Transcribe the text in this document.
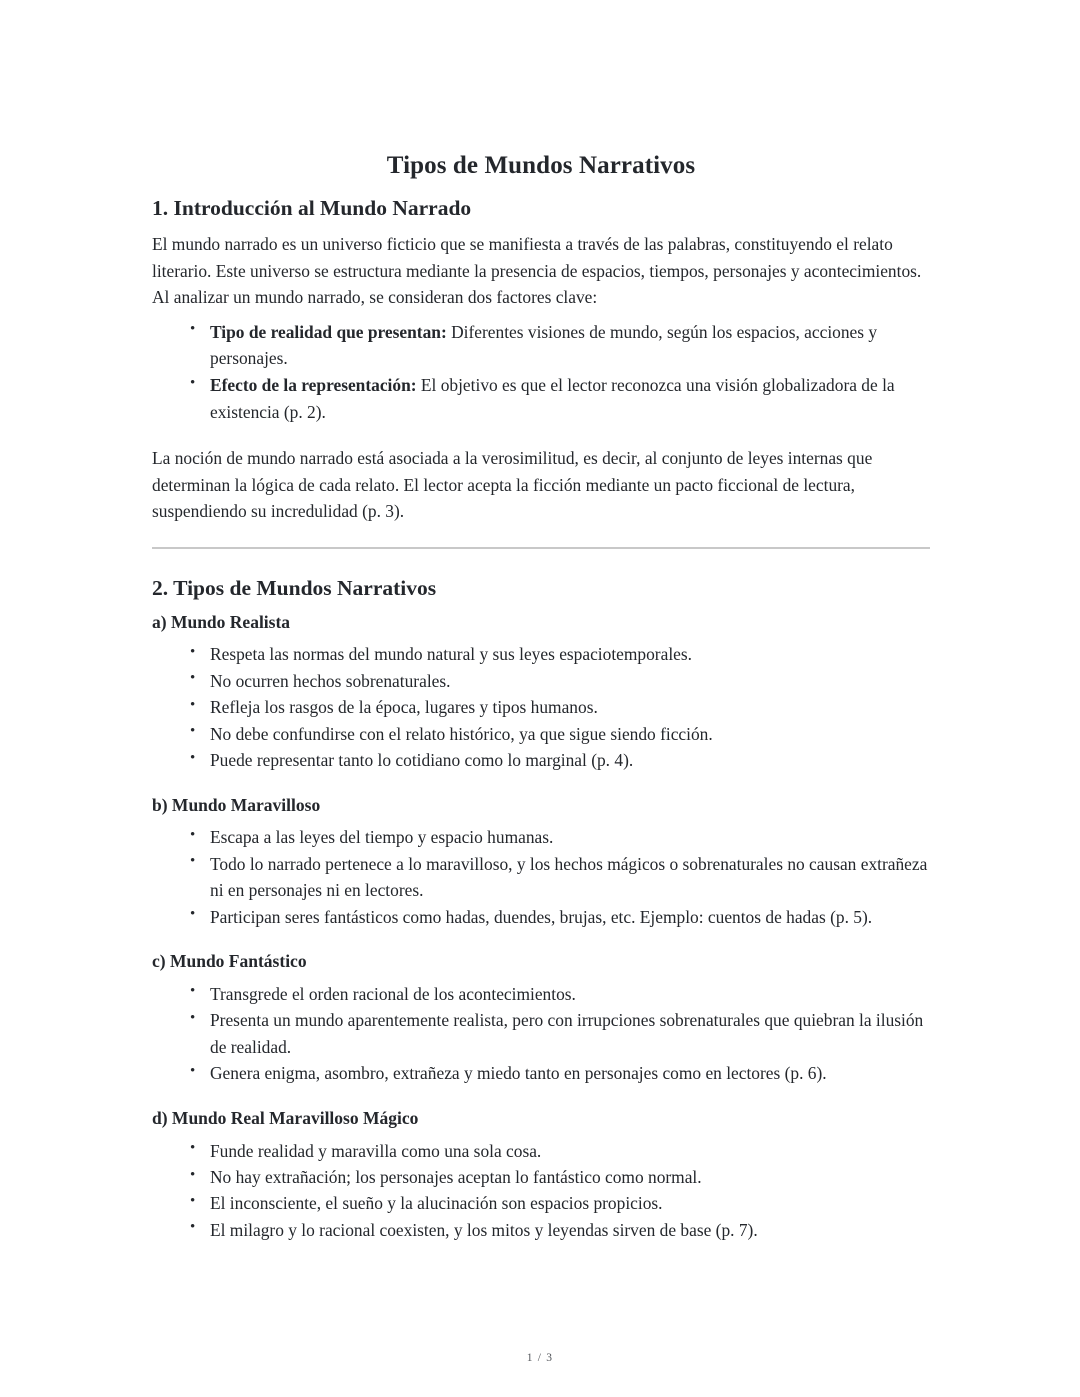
Tipos de Mundos Narrativos
1. Introducción al Mundo Narrado

El mundo narrado es un universo ficticio que se manifiesta a través de las palabras, constituyendo el relato literario. Este universo se estructura mediante la presencia de espacios, tiempos, personajes y acontecimientos. Al analizar un mundo narrado, se consideran dos factores clave:

• Tipo de realidad que presentan: Diferentes visiones de mundo, según los espacios, acciones y personajes.
• Efecto de la representación: El objetivo es que el lector reconozca una visión globalizadora de la existencia (p. 2).

La noción de mundo narrado está asociada a la verosimilitud, es decir, al conjunto de leyes internas que determinan la lógica de cada relato. El lector acepta la ficción mediante un pacto ficcional de lectura, suspendiendo su incredulidad (p. 3).

2. Tipos de Mundos Narrativos
a) Mundo Realista
• Respeta las normas del mundo natural y sus leyes espaciotemporales.
• No ocurren hechos sobrenaturales.
• Refleja los rasgos de la época, lugares y tipos humanos.
• No debe confundirse con el relato histórico, ya que sigue siendo ficción.
• Puede representar tanto lo cotidiano como lo marginal (p. 4).
b) Mundo Maravilloso
• Escapa a las leyes del tiempo y espacio humanas.
• Todo lo narrado pertenece a lo maravilloso, y los hechos mágicos o sobrenaturales no causan extrañeza ni en personajes ni en lectores.
• Participan seres fantásticos como hadas, duendes, brujas, etc. Ejemplo: cuentos de hadas (p. 5).
c) Mundo Fantástico
• Transgrede el orden racional de los acontecimientos.
• Presenta un mundo aparentemente realista, pero con irrupciones sobrenaturales que quiebran la ilusión de realidad.
• Genera enigma, asombro, extrañeza y miedo tanto en personajes como en lectores (p. 6).
d) Mundo Real Maravilloso Mágico
• Funde realidad y maravilla como una sola cosa.
• No hay extrañación; los personajes aceptan lo fantástico como normal.
• El inconsciente, el sueño y la alucinación son espacios propicios.
• El milagro y lo racional coexisten, y los mitos y leyendas sirven de base (p. 7).
1 / 3
